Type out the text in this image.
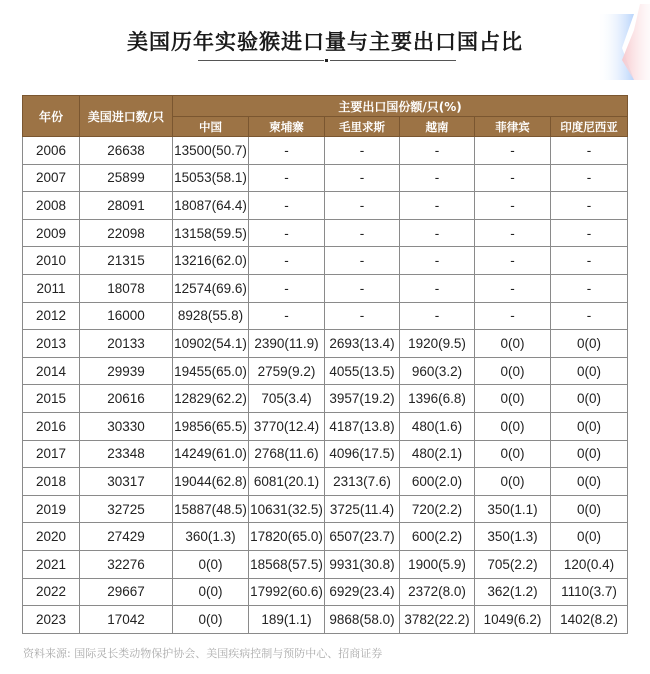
美国历年实验猴进口量与主要出口国占比
年份	美国进口数/只	主要出口国份额/只(%)					
		中国	柬埔寨	毛里求斯	越南	菲律宾	印度尼西亚
2006	26638	13500(50.7)	-	-	-	-	-
2007	25899	15053(58.1)	-	-	-	-	-
2008	28091	18087(64.4)	-	-	-	-	-
2009	22098	13158(59.5)	-	-	-	-	-
2010	21315	13216(62.0)	-	-	-	-	-
2011	18078	12574(69.6)	-	-	-	-	-
2012	16000	8928(55.8)	-	-	-	-	-
2013	20133	10902(54.1)	2390(11.9)	2693(13.4)	1920(9.5)	0(0)	0(0)
2014	29939	19455(65.0)	2759(9.2)	4055(13.5)	960(3.2)	0(0)	0(0)
2015	20616	12829(62.2)	705(3.4)	3957(19.2)	1396(6.8)	0(0)	0(0)
2016	30330	19856(65.5)	3770(12.4)	4187(13.8)	480(1.6)	0(0)	0(0)
2017	23348	14249(61.0)	2768(11.6)	4096(17.5)	480(2.1)	0(0)	0(0)
2018	30317	19044(62.8)	6081(20.1)	2313(7.6)	600(2.0)	0(0)	0(0)
2019	32725	15887(48.5)	10631(32.5)	3725(11.4)	720(2.2)	350(1.1)	0(0)
2020	27429	360(1.3)	17820(65.0)	6507(23.7)	600(2.2)	350(1.3)	0(0)
2021	32276	0(0)	18568(57.5)	9931(30.8)	1900(5.9)	705(2.2)	120(0.4)
2022	29667	0(0)	17992(60.6)	6929(23.4)	2372(8.0)	362(1.2)	1110(3.7)
2023	17042	0(0)	189(1.1)	9868(58.0)	3782(22.2)	1049(6.2)	1402(8.2)
资料来源: 国际灵长类动物保护协会、美国疾病控制与预防中心、招商证券
